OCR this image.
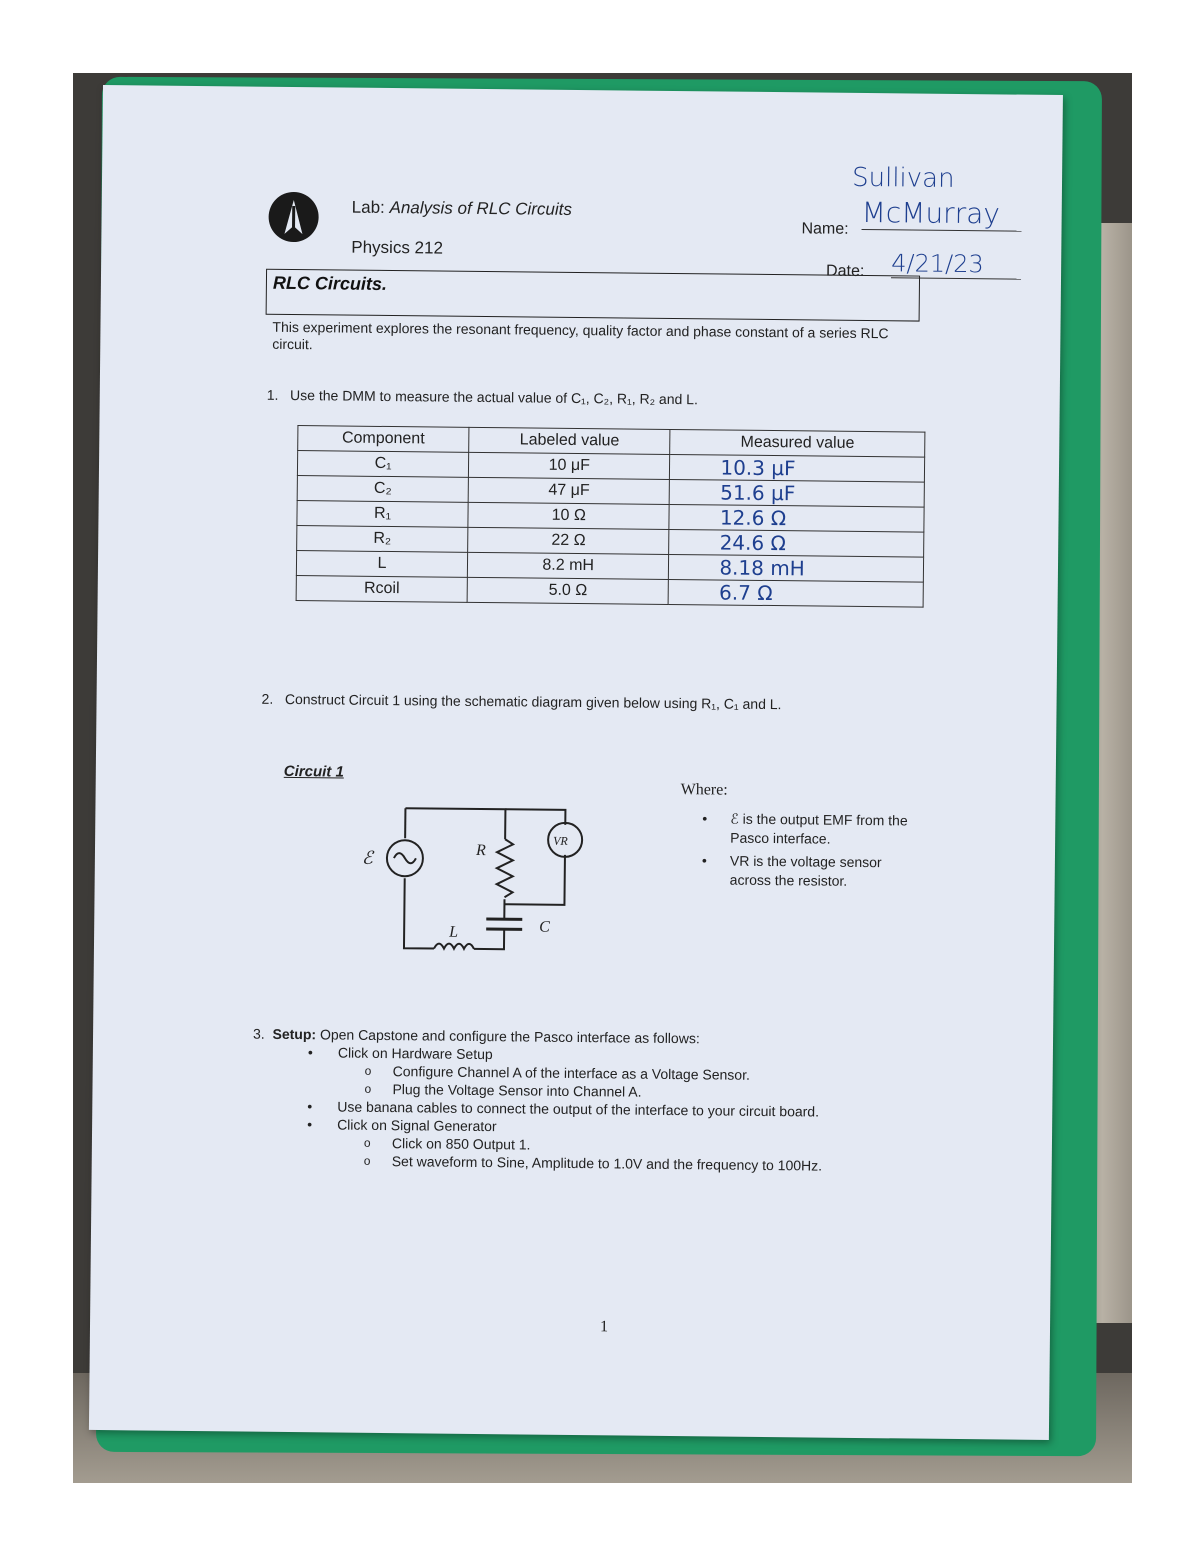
Lab: Analysis of RLC Circuits
Physics 212
Name:
Date:
Sullivan
McMurray
4/21/23
RLC Circuits.
This experiment explores the resonant frequency, quality factor and phase constant of a series RLC circuit.
1.   Use the DMM to measure the actual value of C₁, C₂, R₁, R₂ and L.
Component	Labeled value	Measured value
C₁	10 μF	10.3 μF
C₂	47 μF	51.6 μF
R₁	10 Ω	12.6 Ω
R₂	22 Ω	24.6 Ω
L	8.2 mH	8.18 mH
Rcoil	5.0 Ω	6.7 Ω
2.   Construct Circuit 1 using the schematic diagram given below using R₁, C₁ and L.
Circuit 1
ℰ	R
VR
C
L
Where:
• ℰ is the output EMF from the Pasco interface.
• VR is the voltage sensor across the resistor.
3.  Setup: Open Capstone and configure the Pasco interface as follows:
• Click on Hardware Setup
o Configure Channel A of the interface as a Voltage Sensor.
o Plug the Voltage Sensor into Channel A.
• Use banana cables to connect the output of the interface to your circuit board.
• Click on Signal Generator
o Click on 850 Output 1.
o Set waveform to Sine, Amplitude to 1.0V and the frequency to 100Hz.
1
